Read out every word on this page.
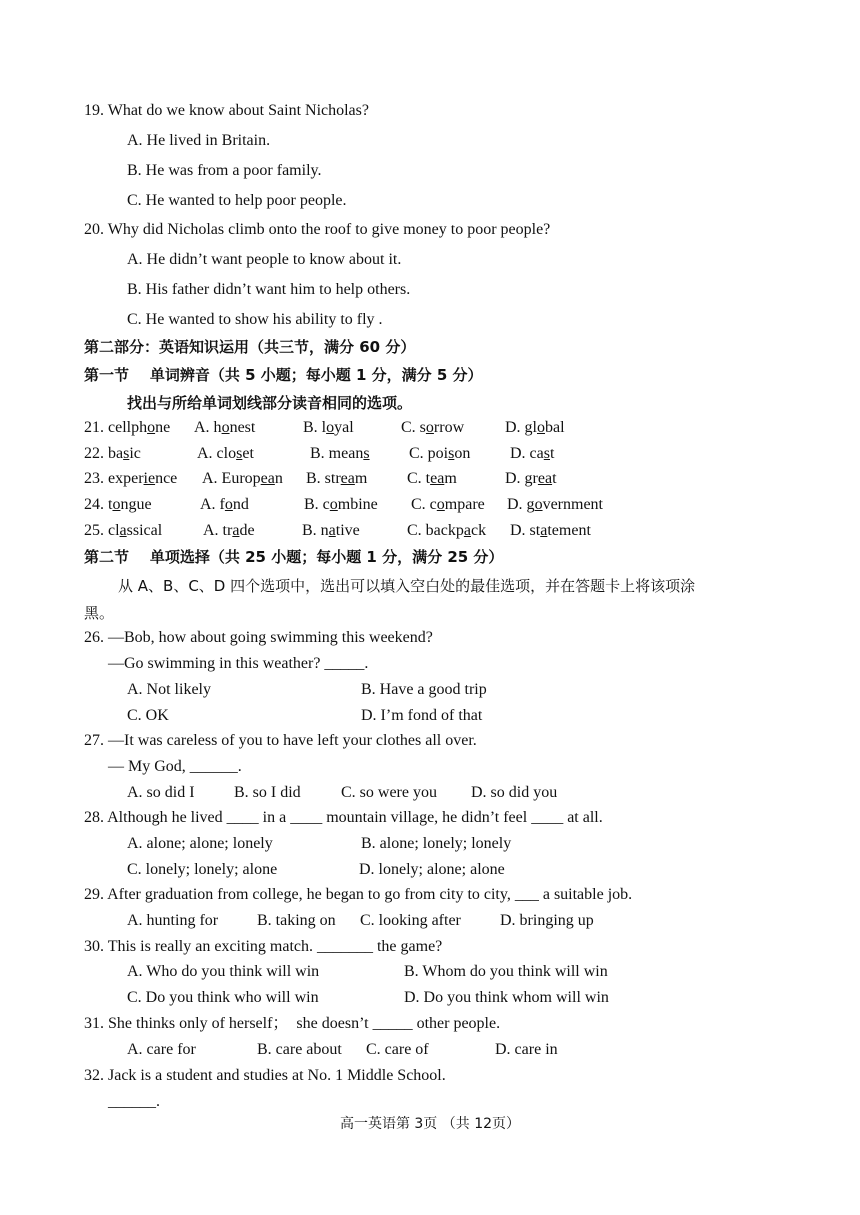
19. What do we know about Saint Nicholas?
A. He lived in Britain.
B. He was from a poor family.
C. He wanted to help poor people.
20. Why did Nicholas climb onto the roof to give money to poor people?
A. He didn’t want people to know about it.
B. His father didn’t want him to help others.
C. He wanted to show his ability to fly .
第二部分：英语知识运用（共三节，满分 60 分）
第一节    单词辨音（共 5 小题；每小题 1 分，满分 5 分）
找出与所给单词划线部分读音相同的选项。
21. cellphone A. honest	B. loyal	C. sorrow	D. global
22. basic	A. closet	B. means C. poison D. cast
23. experience A. European B. stream C. team	D. great
24. tongue	A. fond	B. combine C. compare D. government
25. classical	A. trade	B. native	C. backpack D. statement
第二节    单项选择（共 25 小题；每小题 1 分，满分 25 分）
从 A、B、C、D 四个选项中，选出可以填入空白处的最佳选项，并在答题卡上将该项涂
黑。
26. —Bob, how about going swimming this weekend?
—Go swimming in this weather? _____.
A. Not likely	B. Have a good trip
C. OK	D. I’m fond of that
27. —It was careless of you to have left your clothes all over.
— My God, ______.
A. so did I B. so I did	C. so were you D. so did you
28. Although he lived ____ in a ____ mountain village, he didn’t feel ____ at all.
A. alone; alone; lonely	B. alone; lonely; lonely
C. lonely; lonely; alone	D. lonely; alone; alone
29. After graduation from college, he began to go from city to city, ___ a suitable job.
A. hunting for B. taking on C. looking after D. bringing up
30. This is really an exciting match. _______ the game?
A. Who do you think will win	B. Whom do you think will win
C. Do you think who will win	D. Do you think whom will win
31. She thinks only of herself；  she doesn’t _____ other people.
A. care for	B. care about C. care of	D. care in
32. Jack is a student and studies at No. 1 Middle School.
______.
高一英语第 3页 （共 12页）
